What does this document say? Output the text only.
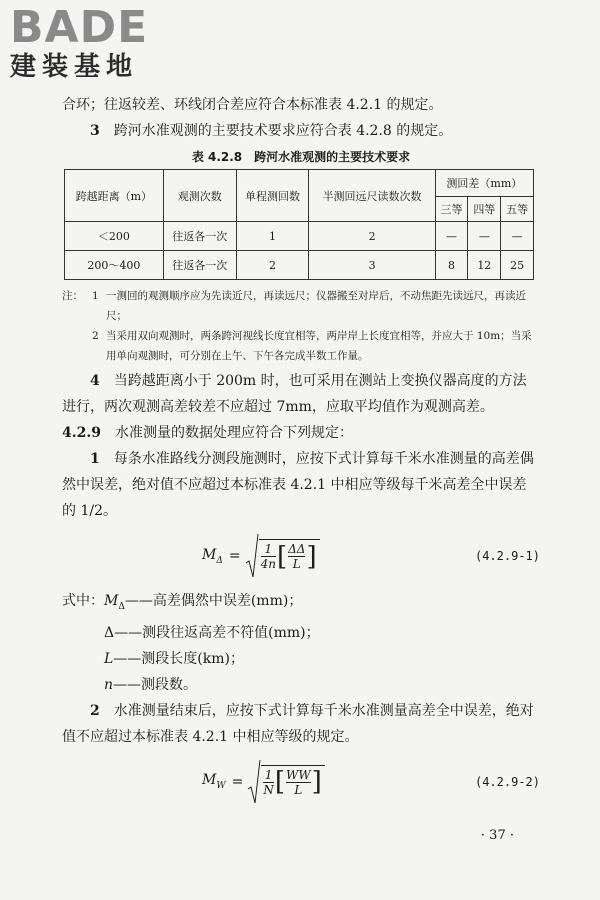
BADE
建装基地

合环；往返较差、环线闭合差应符合本标准表 4.2.1 的规定。

3　 跨河水准观测的主要技术要求应符合表 4.2.8 的规定。

表 4.2.8　跨河水准观测的主要技术要求
跨越距离（m）	观测次数	单程测回数	半测回远尺读数次数	测回差（mm）		
				三等	四等	五等
＜200	往返各一次	1	2	—	—	—
200～400	往返各一次	2	3	8	12	25
注： 1 一测回的观测顺序应为先读近尺，再读远尺；仪器搬至对岸后，不动焦距先读远尺，再读近尺；
2 当采用双向观测时，两条跨河视线长度宜相等，两岸岸上长度宜相等，并应大于 10m；当采用单向观测时，可分别在上午、下午各完成半数工作量。

4　 当跨越距离小于 200m 时，也可采用在测站上变换仪器高度的方法进行，两次观测高差较差不应超过 7mm，应取平均值作为观测高差。

4.2.9　 水准测量的数据处理应符合下列规定：

1　 每条水准路线分测段施测时，应按下式计算每千米水准测量的高差偶然中误差，绝对值不应超过本标准表 4.2.1 中相应等级每千米高差全中误差的 1/2。

$M_\Delta = \frac{1}{4n}$ [ $\frac{\Delta\Delta}{L}$ ]	(4.2.9-1)

式中：$M_\Delta——$高差偶然中误差(mm)；

Δ——测段往返高差不符值(mm)；

L——测段长度(km)；

n——测段数。

2　 水准测量结束后，应按下式计算每千米水准测量高差全中误差，绝对值不应超过本标准表 4.2.1 中相应等级的规定。

$M_W = \frac{1}{N}$ [ $\frac{WW}{L}$ ]	(4.2.9-2)
· 37 ·
